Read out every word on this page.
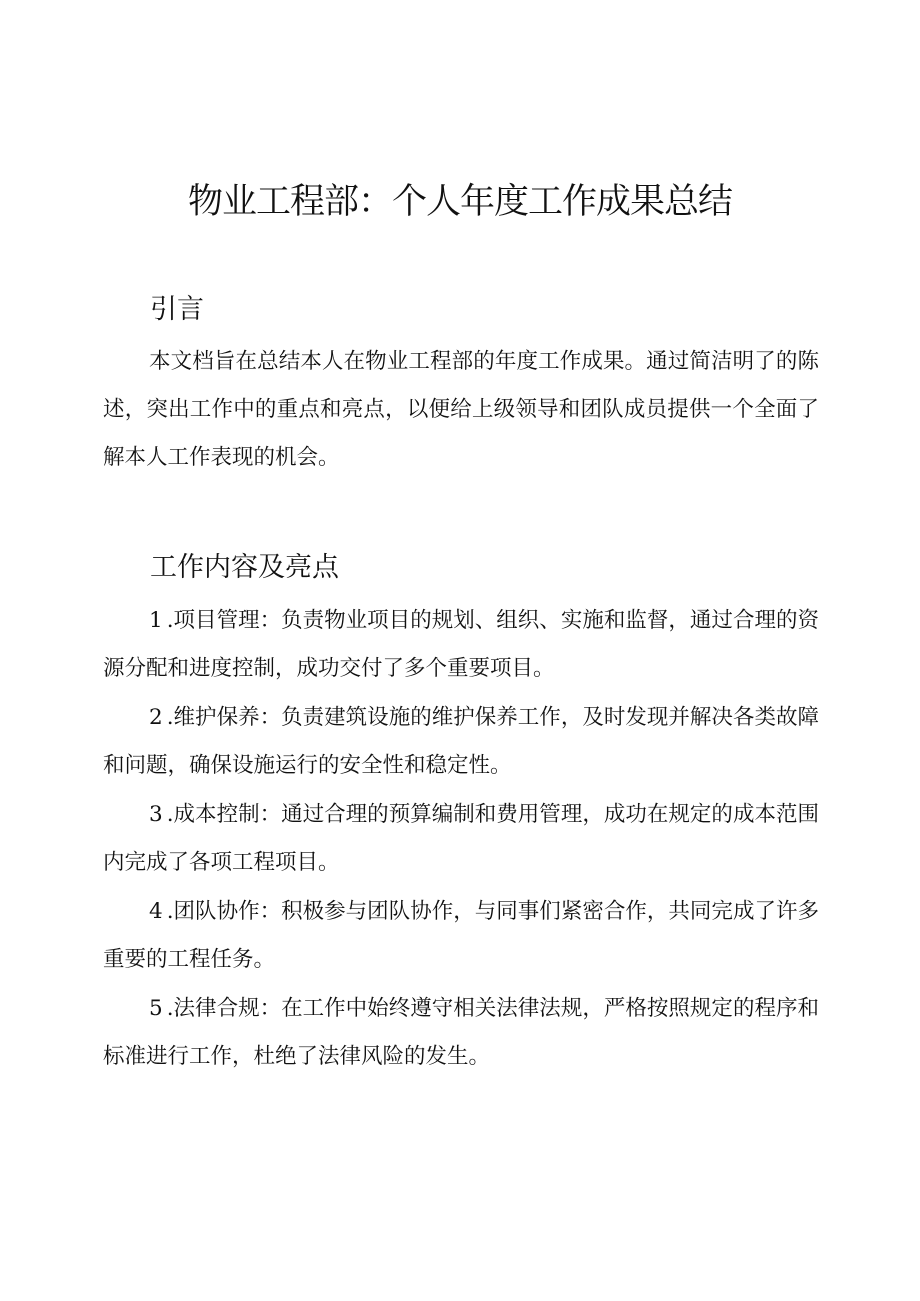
物业工程部：个人年度工作成果总结
引言

本文档旨在总结本人在物业工程部的年度工作成果。通过简洁明了的陈述，突出工作中的重点和亮点，以便给上级领导和团队成员提供一个全面了解本人工作表现的机会。

工作内容及亮点

1 .项目管理：负责物业项目的规划、组织、实施和监督，通过合理的资源分配和进度控制，成功交付了多个重要项目。

2 .维护保养：负责建筑设施的维护保养工作，及时发现并解决各类故障和问题，确保设施运行的安全性和稳定性。

3 .成本控制：通过合理的预算编制和费用管理，成功在规定的成本范围内完成了各项工程项目。

4 .团队协作：积极参与团队协作，与同事们紧密合作，共同完成了许多重要的工程任务。

5 .法律合规：在工作中始终遵守相关法律法规，严格按照规定的程序和标准进行工作，杜绝了法律风险的发生。
